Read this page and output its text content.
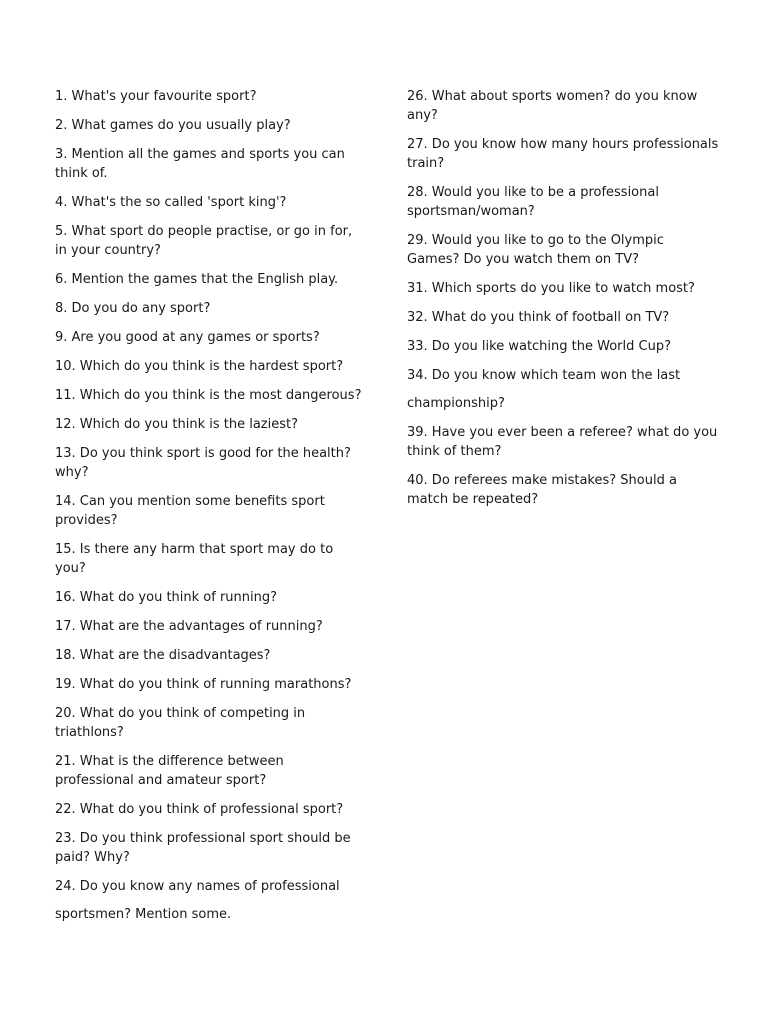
1. What's your favourite sport?

2. What games do you usually play?

3. Mention all the games and sports you can think of.

4. What's the so called 'sport king'?

5. What sport do people practise, or go in for, in your country?

6. Mention the games that the English play.

8. Do you do any sport?

9. Are you good at any games or sports?

10. Which do you think is the hardest sport?

11. Which do you think is the most dangerous?

12. Which do you think is the laziest?

13. Do you think sport is good for the health? why?

14. Can you mention some benefits sport provides?

15. Is there any harm that sport may do to you?

16. What do you think of running?

17. What are the advantages of running?

18. What are the disadvantages?

19. What do you think of running marathons?

20. What do you think of competing in triathlons?

21. What is the difference between professional and amateur sport?

22. What do you think of professional sport?

23. Do you think professional sport should be paid? Why?

24. Do you know any names of professional

sportsmen? Mention some.

26. What about sports women? do you know any?

27. Do you know how many hours professionals train?

28. Would you like to be a professional sportsman/woman?

29. Would you like to go to the Olympic Games? Do you watch them on TV?

31. Which sports do you like to watch most?

32. What do you think of football on TV?

33. Do you like watching the World Cup?

34. Do you know which team won the last

championship?

39. Have you ever been a referee? what do you think of them?

40. Do referees make mistakes? Should a match be repeated?
